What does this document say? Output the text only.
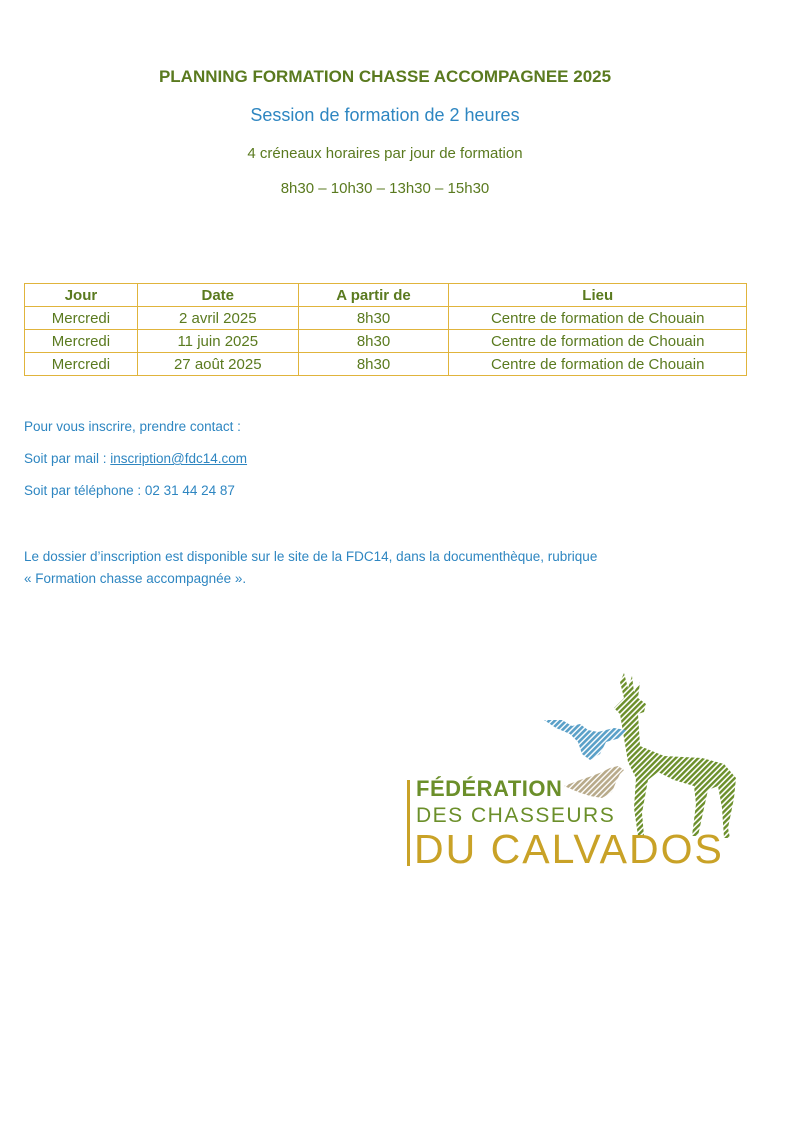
PLANNING FORMATION CHASSE ACCOMPAGNEE 2025
Session de formation de 2 heures
4 créneaux horaires par jour de formation
8h30 – 10h30 – 13h30 – 15h30
Jour	Date	A partir de	Lieu
Mercredi	2 avril 2025	8h30	Centre de formation de Chouain
Mercredi	11 juin 2025	8h30	Centre de formation de Chouain
Mercredi	27 août 2025	8h30	Centre de formation de Chouain
Pour vous inscrire, prendre contact :
Soit par mail : inscription@fdc14.com
Soit par téléphone : 02 31 44 24 87
Le dossier d’inscription est disponible sur le site de la FDC14, dans la documenthèque, rubrique
« Formation chasse accompagnée ».
FÉDÉRATION
DES CHASSEURS
DU CALVADOS
